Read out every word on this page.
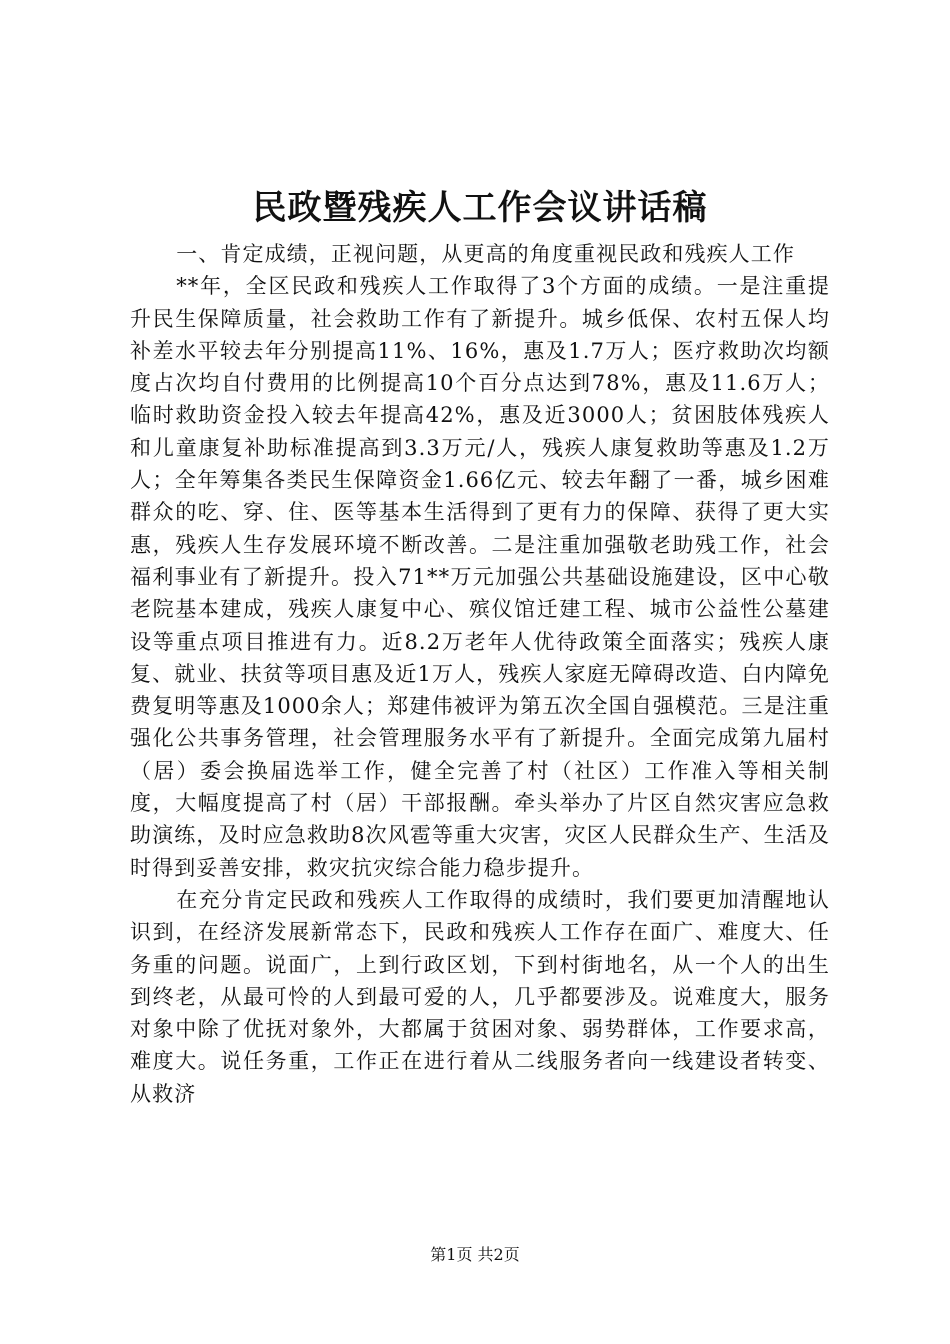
民政暨残疾人工作会议讲话稿

一、肯定成绩，正视问题，从更高的角度重视民政和残疾人工作

**年，全区民政和残疾人工作取得了3个方面的成绩。一是注重提升民生保障质量，社会救助工作有了新提升。城乡低保、农村五保人均补差水平较去年分别提高11%、16%，惠及1.7万人；医疗救助次均额度占次均自付费用的比例提高10个百分点达到78%，惠及11.6万人；临时救助资金投入较去年提高42%，惠及近3000人；贫困肢体残疾人和儿童康复补助标准提高到3.3万元/人，残疾人康复救助等惠及1.2万人；全年筹集各类民生保障资金1.66亿元、较去年翻了一番，城乡困难群众的吃、穿、住、医等基本生活得到了更有力的保障、获得了更大实惠，残疾人生存发展环境不断改善。二是注重加强敬老助残工作，社会福利事业有了新提升。投入71**万元加强公共基础设施建设，区中心敬老院基本建成，残疾人康复中心、殡仪馆迁建工程、城市公益性公墓建设等重点项目推进有力。近8.2万老年人优待政策全面落实；残疾人康复、就业、扶贫等项目惠及近1万人，残疾人家庭无障碍改造、白内障免费复明等惠及1000余人；郑建伟被评为第五次全国自强模范。三是注重强化公共事务管理，社会管理服务水平有了新提升。全面完成第九届村（居）委会换届选举工作，健全完善了村（社区）工作准入等相关制度，大幅度提高了村（居）干部报酬。牵头举办了片区自然灾害应急救助演练，及时应急救助8次风雹等重大灾害，灾区人民群众生产、生活及时得到妥善安排，救灾抗灾综合能力稳步提升。

在充分肯定民政和残疾人工作取得的成绩时，我们要更加清醒地认识到，在经济发展新常态下，民政和残疾人工作存在面广、难度大、任务重的问题。说面广，上到行政区划，下到村街地名，从一个人的出生到终老，从最可怜的人到最可爱的人，几乎都要涉及。说难度大，服务对象中除了优抚对象外，大都属于贫困对象、弱势群体，工作要求高，难度大。说任务重，工作正在进行着从二线服务者向一线建设者转变、从救济

第1页 共2页
